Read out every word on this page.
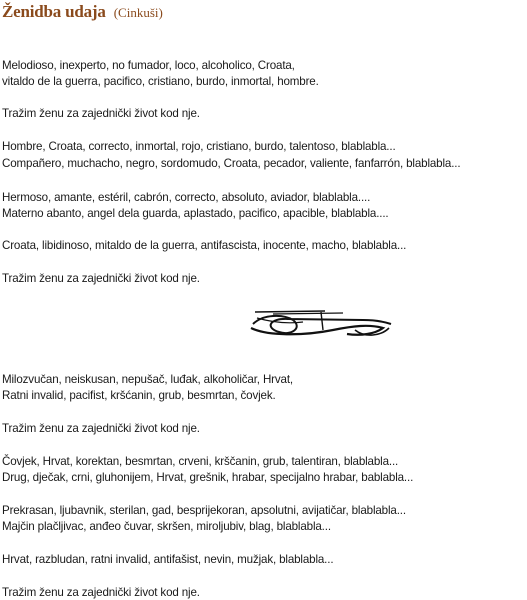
Ženidba udaja (Cinkuši)
Melodioso, inexperto, no fumador, loco, alcoholico, Croata,
vitaldo de la guerra, pacifico, cristiano, burdo, inmortal, hombre.
Tražim ženu za zajednički život kod nje.
Hombre, Croata, correcto, inmortal, rojo, cristiano, burdo, talentoso, blablabla...
Compañero, muchacho, negro, sordomudo, Croata, pecador, valiente, fanfarrón, blablabla...
Hermoso, amante, estéril, cabrón, correcto, absoluto, aviador, blablabla....
Materno abanto, angel dela guarda, aplastado, pacifico, apacible, blablabla....
Croata, libidinoso, mitaldo de la guerra, antifascista, inocente, macho, blablabla...
Tražim ženu za zajednički život kod nje.
Milozvučan, neiskusan, nepušač, luđak, alkoholičar, Hrvat,
Ratni invalid, pacifist, kršćanin, grub, besmrtan, čovjek.
Tražim ženu za zajednički život kod nje.
Čovjek, Hrvat, korektan, besmrtan, crveni, krščanin, grub, talentiran, blablabla...
Drug, dječak, crni, gluhonijem, Hrvat, grešnik, hrabar, specijalno hrabar, bablabla...
Prekrasan, ljubavnik, sterilan, gad, besprijekoran, apsolutni, avijatičar, blablabla...
Majčin plačljivac, anđeo čuvar, skršen, miroljubiv, blag, blablabla...
Hrvat, razbludan, ratni invalid, antifašist, nevin, mužjak, blablabla...
Tražim ženu za zajednički život kod nje.
